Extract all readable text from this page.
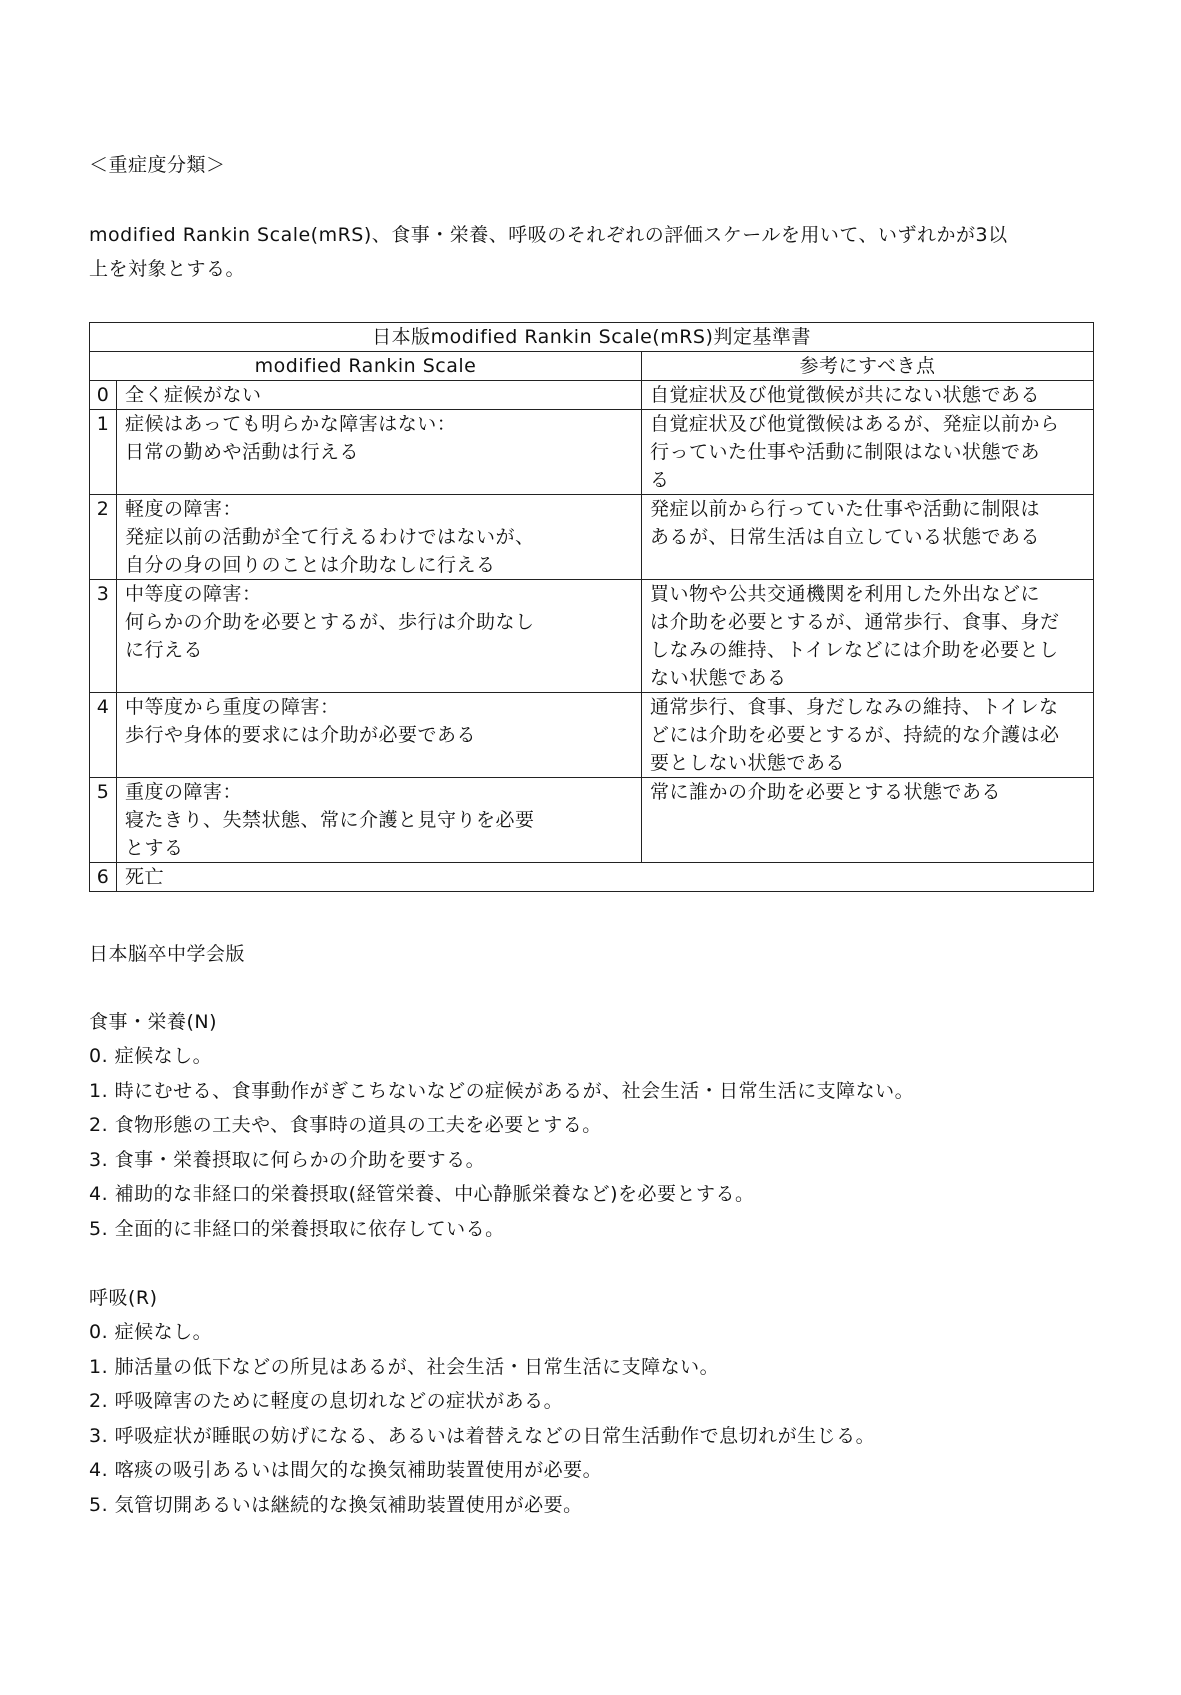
＜重症度分類＞
modified Rankin Scale(mRS)、食事・栄養、呼吸のそれぞれの評価スケールを用いて、いずれかが3以
上を対象とする。
日本版modified Rankin Scale(mRS)判定基準書		
modified Rankin Scale		参考にすべき点
0	全く症候がない	自覚症状及び他覚徴候が共にない状態である

1	症候はあっても明らかな障害はない：
日常の勤めや活動は行える	自覚症状及び他覚徴候はあるが、発症以前から
行っていた仕事や活動に制限はない状態であ
る

2	軽度の障害：
発症以前の活動が全て行えるわけではないが、
自分の身の回りのことは介助なしに行える	発症以前から行っていた仕事や活動に制限は
あるが、日常生活は自立している状態である

3	中等度の障害：
何らかの介助を必要とするが、歩行は介助なし
に行える	買い物や公共交通機関を利用した外出などに
は介助を必要とするが、通常歩行、食事、身だ
しなみの維持、トイレなどには介助を必要とし
ない状態である

4	中等度から重度の障害：
歩行や身体的要求には介助が必要である	通常歩行、食事、身だしなみの維持、トイレな
どには介助を必要とするが、持続的な介護は必
要としない状態である

5	重度の障害：
寝たきり、失禁状態、常に介護と見守りを必要
とする	常に誰かの介助を必要とする状態である

6	死亡	
日本脳卒中学会版
食事・栄養(N)
0. 症候なし。
1. 時にむせる、食事動作がぎこちないなどの症候があるが、社会生活・日常生活に支障ない。
2. 食物形態の工夫や、食事時の道具の工夫を必要とする。
3. 食事・栄養摂取に何らかの介助を要する。
4. 補助的な非経口的栄養摂取(経管栄養、中心静脈栄養など)を必要とする。
5. 全面的に非経口的栄養摂取に依存している。
呼吸(R)
0. 症候なし。
1. 肺活量の低下などの所見はあるが、社会生活・日常生活に支障ない。
2. 呼吸障害のために軽度の息切れなどの症状がある。
3. 呼吸症状が睡眠の妨げになる、あるいは着替えなどの日常生活動作で息切れが生じる。
4. 喀痰の吸引あるいは間欠的な換気補助装置使用が必要。
5. 気管切開あるいは継続的な換気補助装置使用が必要。
